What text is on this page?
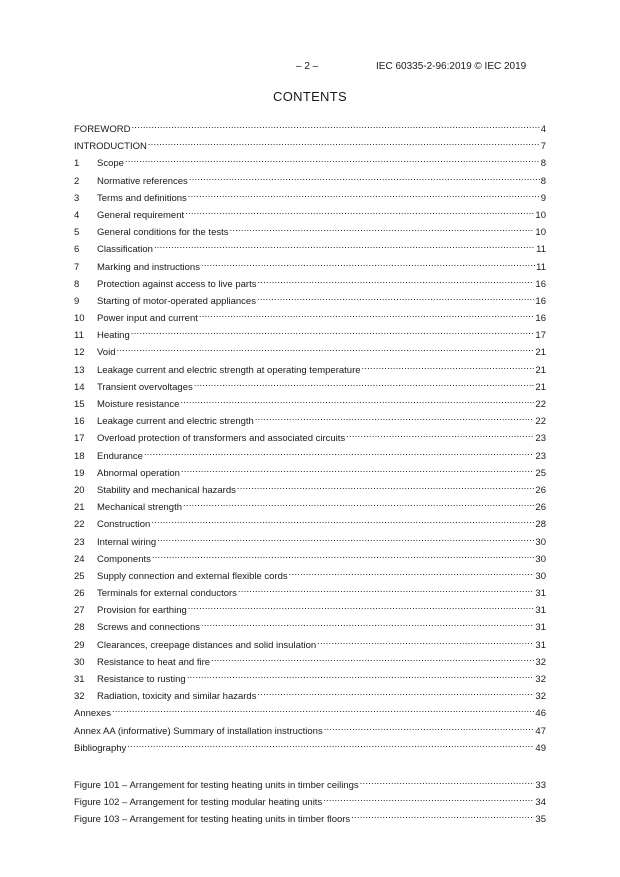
– 2 –	IEC 60335-2-96:2019 © IEC 2019
CONTENTS
FOREWORD .....	4
INTRODUCTION .....	7
1	Scope .....	8
2	Normative references .....	8
3	Terms and definitions .....	9
4	General requirement .....	10
5	General conditions for the tests .....	10
6	Classification .....	11
7	Marking and instructions .....	11
8	Protection against access to live parts .....	16
9	Starting of motor-operated appliances .....	16
10	Power input and current .....	16
11	Heating .....	17
12	Void .....	21
13	Leakage current and electric strength at operating temperature .....	21
14	Transient overvoltages .....	21
15	Moisture resistance .....	22
16	Leakage current and electric strength .....	22
17	Overload protection of transformers and associated circuits .....	23
18	Endurance .....	23
19	Abnormal operation .....	25
20	Stability and mechanical hazards .....	26
21	Mechanical strength .....	26
22	Construction .....	28
23	Internal wiring .....	30
24	Components .....	30
25	Supply connection and external flexible cords .....	30
26	Terminals for external conductors .....	31
27	Provision for earthing .....	31
28	Screws and connections .....	31
29	Clearances, creepage distances and solid insulation .....	31
30	Resistance to heat and fire .....	32
31	Resistance to rusting .....	32
32	Radiation, toxicity and similar hazards .....	32
Annexes .....	46
Annex AA (informative) Summary of installation instructions .....	47
Bibliography .....	49
Figure 101 – Arrangement for testing heating units in timber ceilings .....	33
Figure 102 – Arrangement for testing modular heating units .....	34
Figure 103 – Arrangement for testing heating units in timber floors .....	35
